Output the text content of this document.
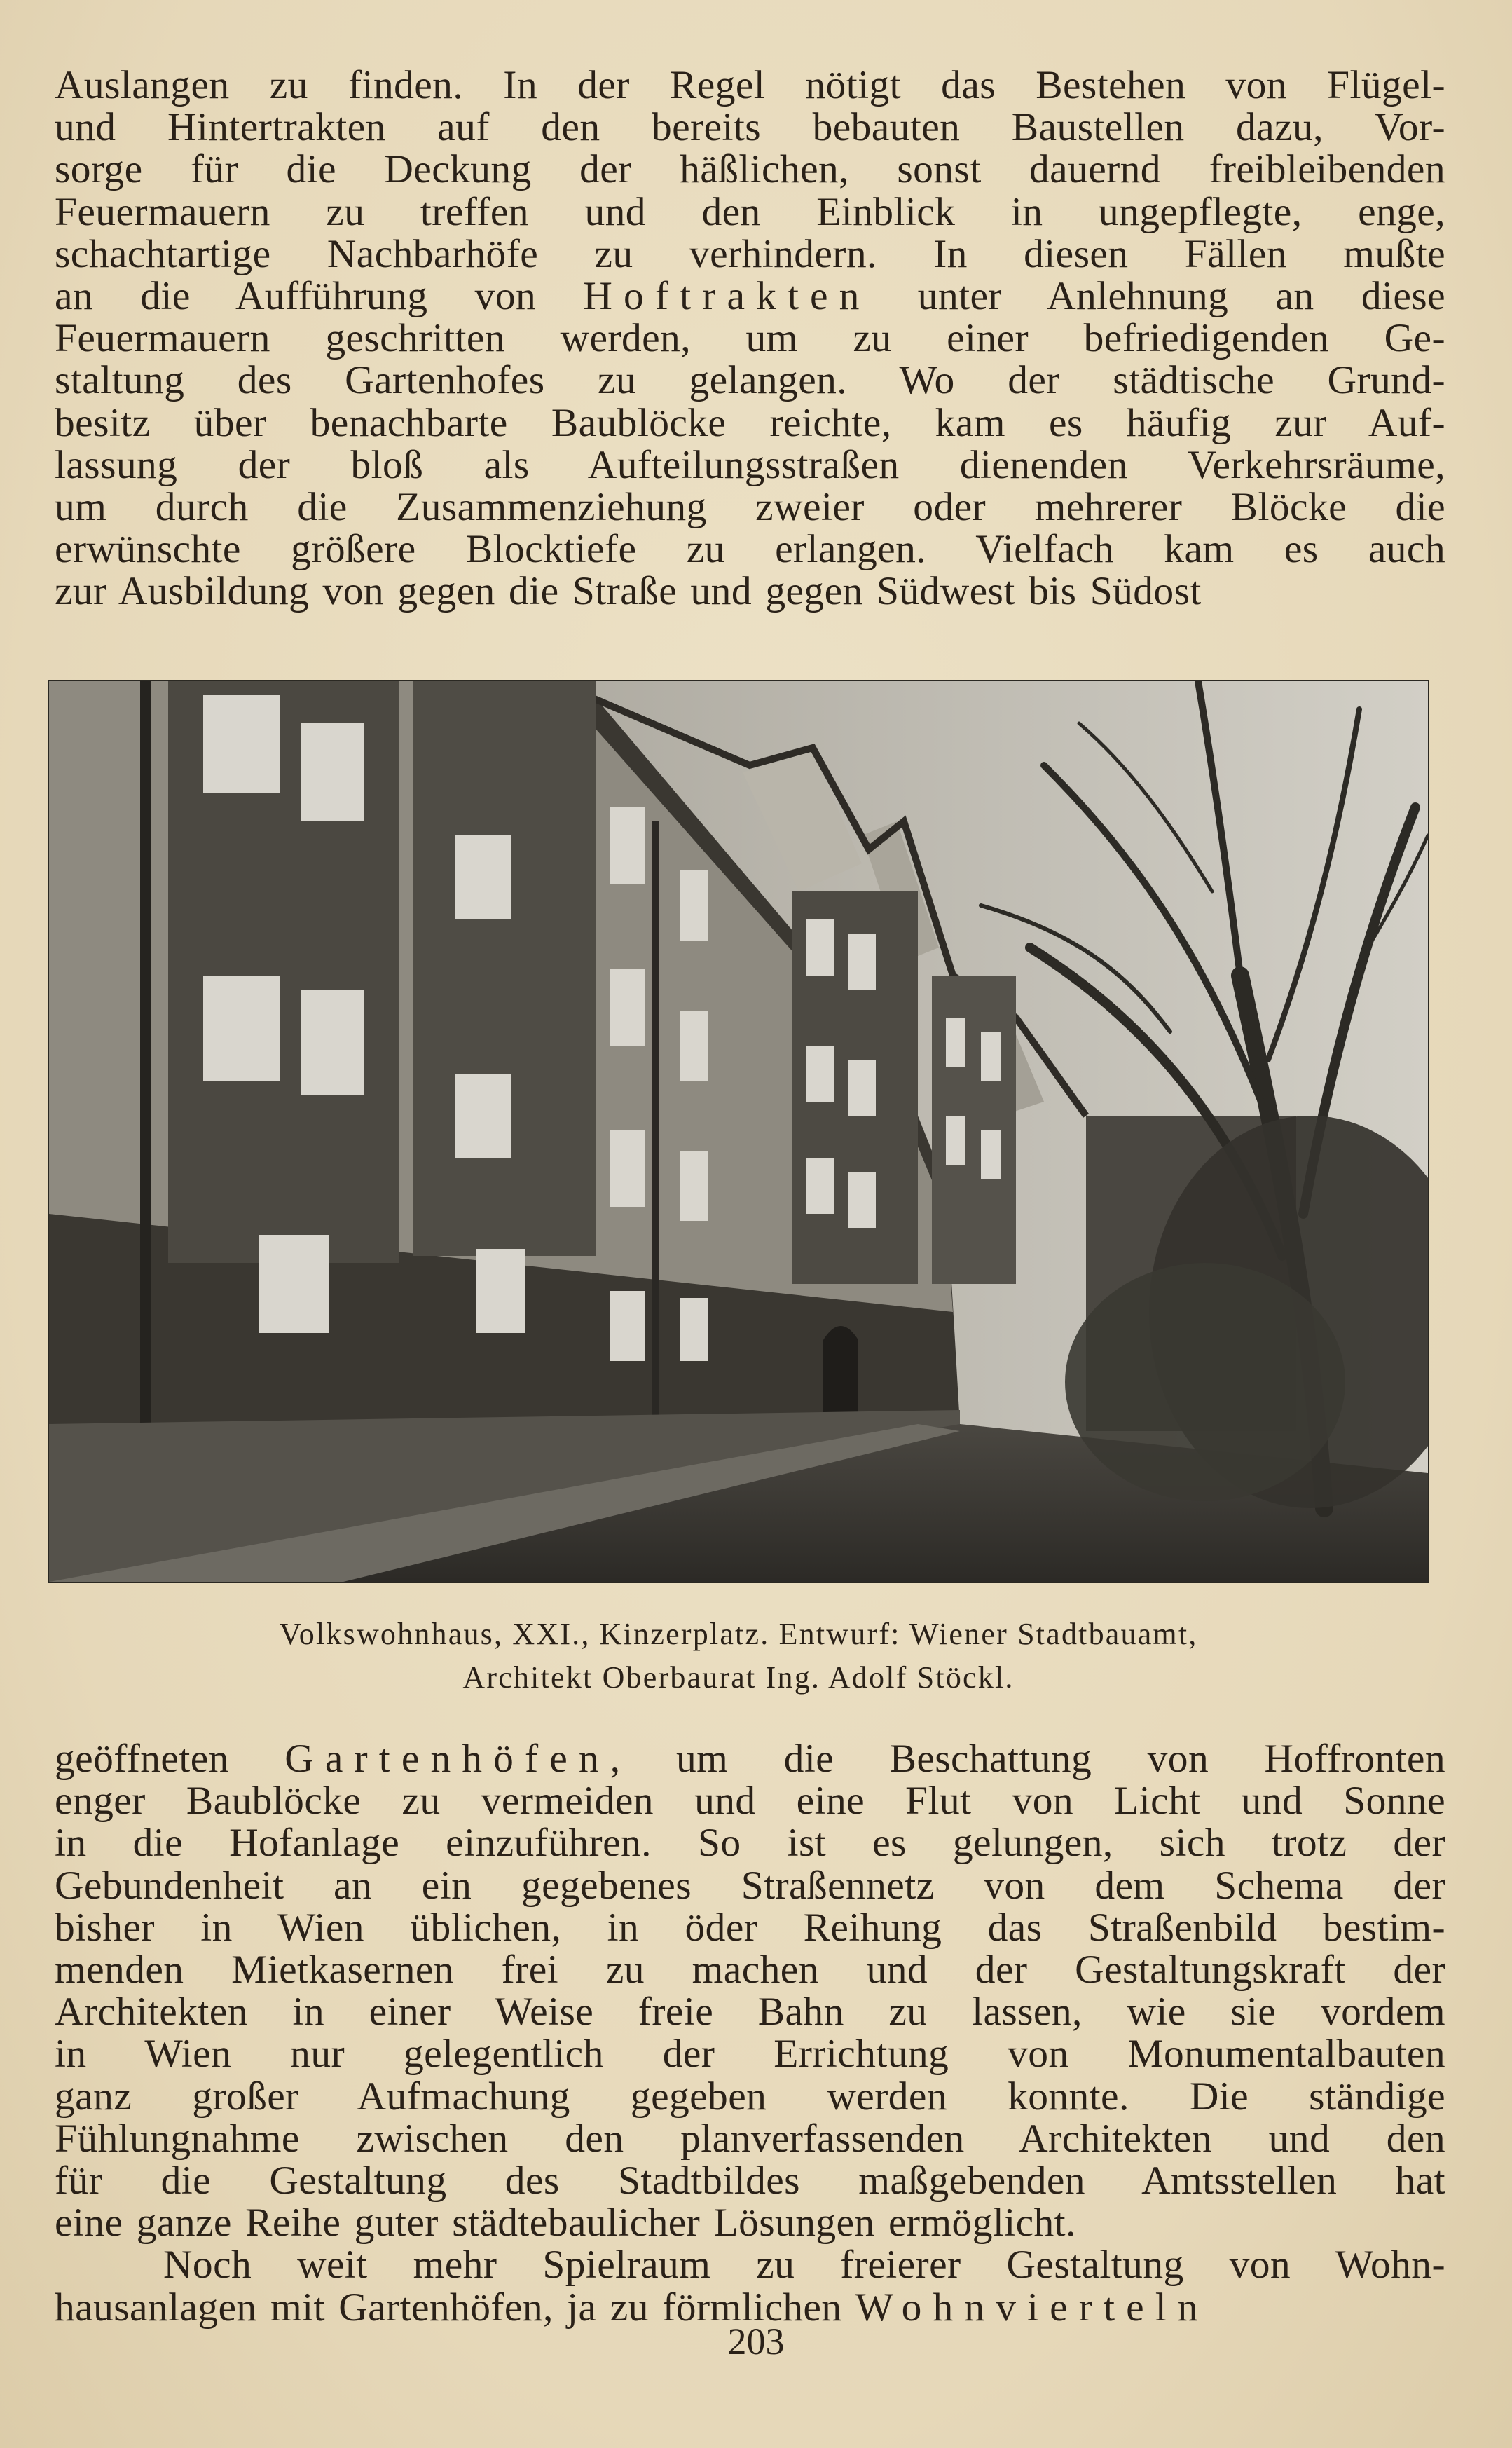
Auslangen zu finden. In der Regel nötigt das Bestehen von Flügel-
und Hintertrakten auf den bereits bebauten Baustellen dazu, Vor-
sorge für die Deckung der häßlichen, sonst dauernd freibleibenden
Feuermauern zu treffen und den Einblick in ungepflegte, enge,
schachtartige Nachbarhöfe zu verhindern. In diesen Fällen mußte
an die Aufführung von Hoftrakten unter Anlehnung an diese
Feuermauern geschritten werden, um zu einer befriedigenden Ge-
staltung des Gartenhofes zu gelangen. Wo der städtische Grund-
besitz über benachbarte Baublöcke reichte, kam es häufig zur Auf-
lassung der bloß als Aufteilungsstraßen dienenden Verkehrsräume,
um durch die Zusammenziehung zweier oder mehrerer Blöcke die
erwünschte größere Blocktiefe zu erlangen. Vielfach kam es auch
zur Ausbildung von gegen die Straße und gegen Südwest bis Südost
Volkswohnhaus, XXI., Kinzerplatz. Entwurf: Wiener Stadtbauamt,
Architekt Oberbaurat Ing. Adolf Stöckl.
geöffneten Gartenhöfen, um die Beschattung von Hoffronten
enger Baublöcke zu vermeiden und eine Flut von Licht und Sonne
in die Hofanlage einzuführen. So ist es gelungen, sich trotz der
Gebundenheit an ein gegebenes Straßennetz von dem Schema der
bisher in Wien üblichen, in öder Reihung das Straßenbild bestim-
menden Mietkasernen frei zu machen und der Gestaltungskraft der
Architekten in einer Weise freie Bahn zu lassen, wie sie vordem
in Wien nur gelegentlich der Errichtung von Monumentalbauten
ganz großer Aufmachung gegeben werden konnte. Die ständige
Fühlungnahme zwischen den planverfassenden Architekten und den
für die Gestaltung des Stadtbildes maßgebenden Amtsstellen hat
eine ganze Reihe guter städtebaulicher Lösungen ermöglicht.
Noch weit mehr Spielraum zu freierer Gestaltung von Wohn-
hausanlagen mit Gartenhöfen, ja zu förmlichen Wohnvierteln
203
